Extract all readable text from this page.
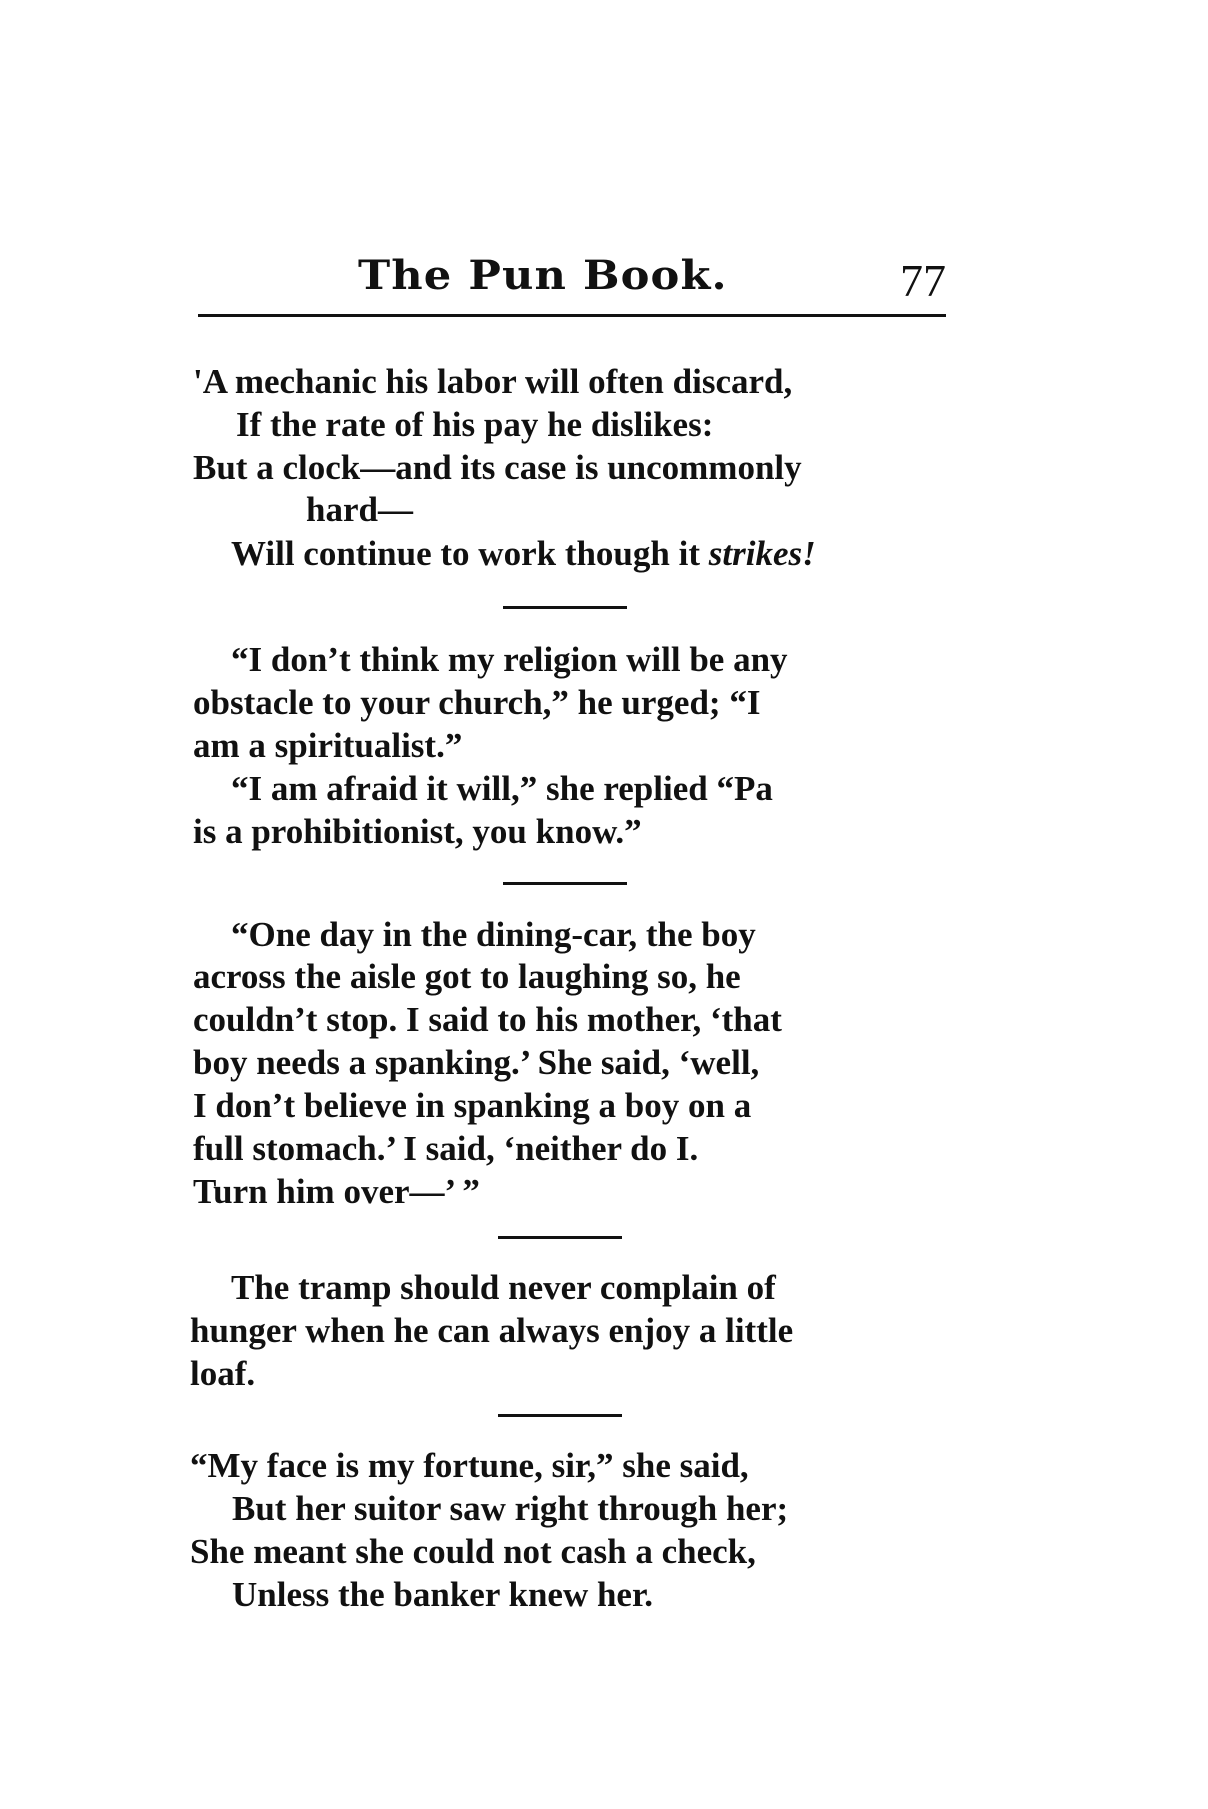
The Pun Book.	77
'A mechanic his labor will often discard,
If the rate of his pay he dislikes:
But a clock—and its case is uncommonly
hard—
Will continue to work though it strikes!
“I don’t think my religion will be any
obstacle to your church,” he urged; “I
am a spiritualist.”
“I am afraid it will,” she replied “Pa
is a prohibitionist, you know.”
“One day in the dining-car, the boy
across the aisle got to laughing so, he
couldn’t stop. I said to his mother, ‘that
boy needs a spanking.’ She said, ‘well,
I don’t believe in spanking a boy on a
full stomach.’ I said, ‘neither do I.
Turn him over—’ ”
The tramp should never complain of
hunger when he can always enjoy a little
loaf.
“My face is my fortune, sir,” she said,
But her suitor saw right through her;
She meant she could not cash a check,
Unless the banker knew her.
